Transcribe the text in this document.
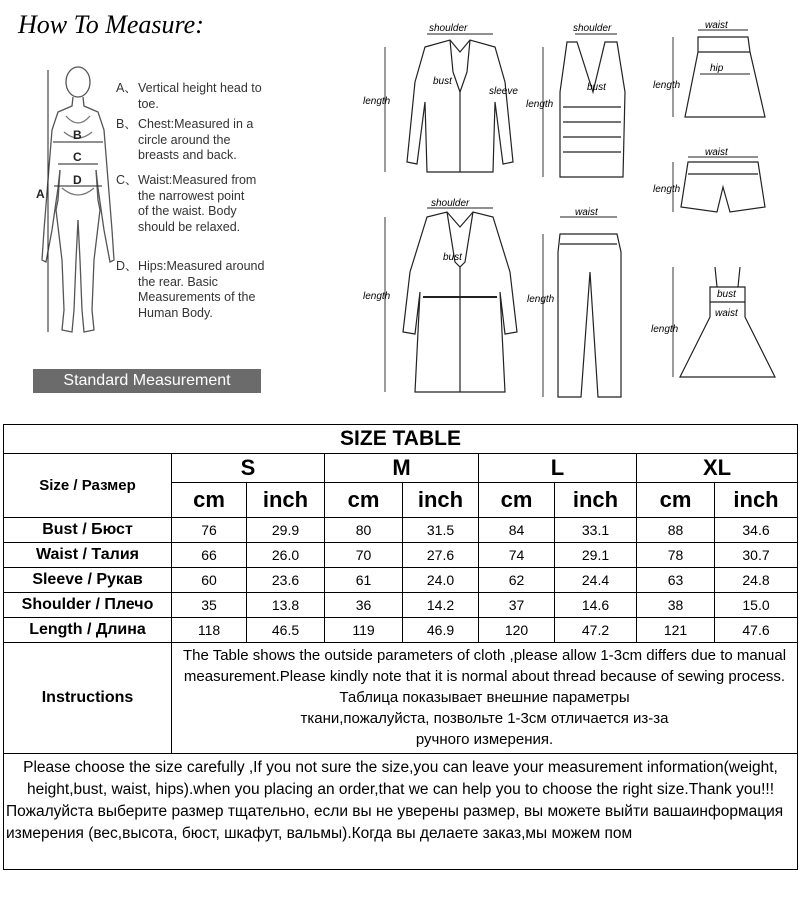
How To Measure:
B
C
D
A
A、 Vertical height head to toe.
B、 Chest:Measured in a circle around the breasts and back.
C、 Waist:Measured from the narrowest point of the waist. Body should be relaxed.
D、 Hips:Measured around the rear. Basic Measurements of the Human Body.
Standard Measurement
shoulder
bust
sleeve
length
shoulder
bust
length
waist
hip
length
waist
length
shoulder
bust
length
waist
length	bust
waist
length
SIZE TABLE								
Size / Размер	S		M		L		XL	
	cm	inch	cm	inch	cm	inch	cm	inch
Bust / Бюст	76	29.9	80	31.5	84	33.1	88	34.6
Waist / Талия	66	26.0	70	27.6	74	29.1	78	30.7
Sleeve / Рукав	60	23.6	61	24.0	62	24.4	63	24.8
Shoulder / Плечо	35	13.8	36	14.2	37	14.6	38	15.0
Length / Длина	118	46.5	119	46.9	120	47.2	121	47.6
Instructions	The Table shows the outside parameters of cloth ,please allow 1-3cm differs due to manual measurement.Please kindly note that it is normal about thread because of sewing process.
Таблица показывает внешние параметры ткани,пожалуйста, позвольте 1-3см отличается из-за ручного измерения.							

Please choose the size carefully ,If you not sure the size,you can leave your measurement information(weight, height,bust, waist, hips).when you placing an order,that we can help you to choose the right size.Thank you!!!
Пожалуйста выберите размер тщательно, если вы не уверены размер, вы можете выйти вашаинформация измерения (вес,высота, бюст, шкафут, вальмы).Когда вы делаете заказ,мы можем пом								
